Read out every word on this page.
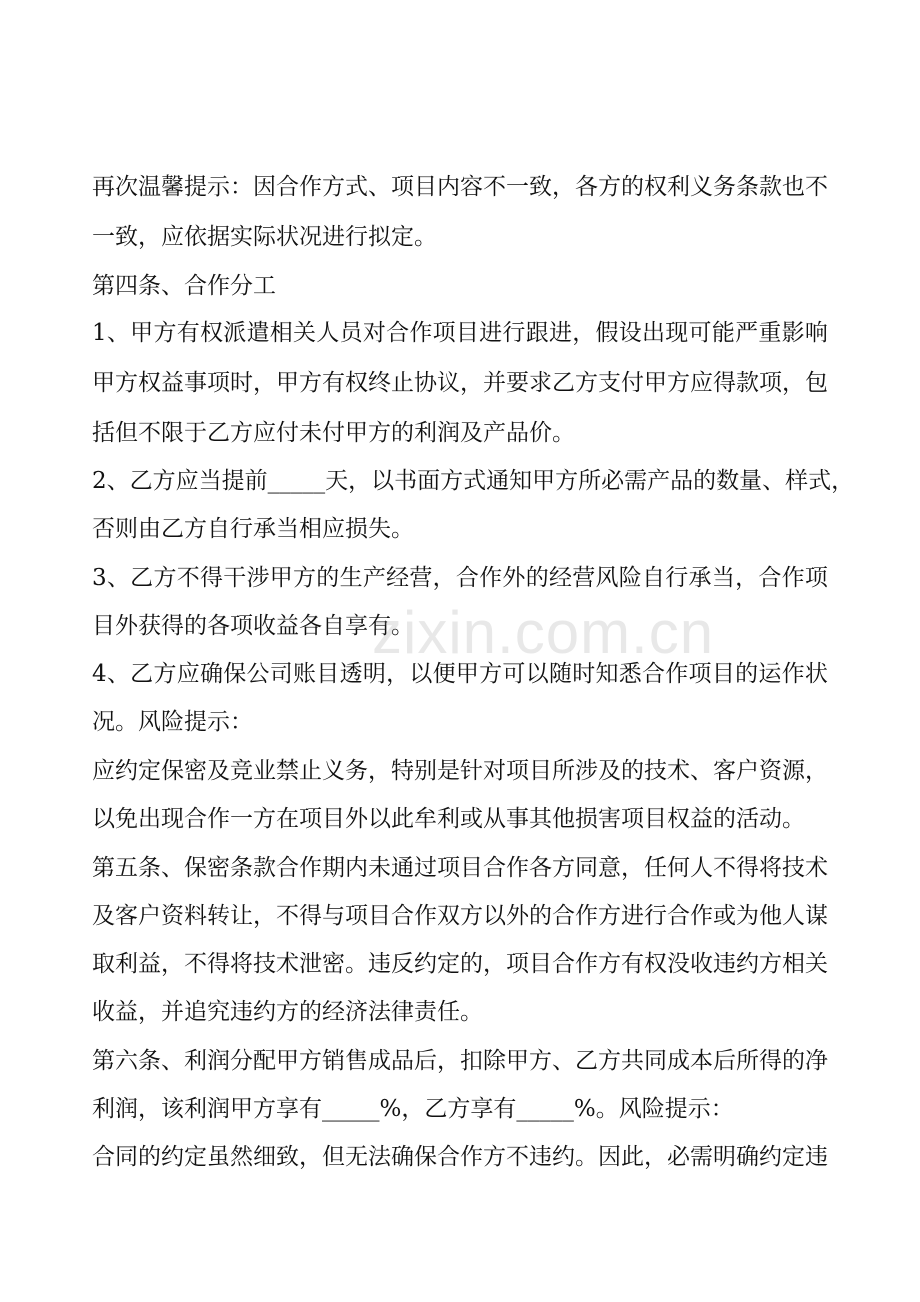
再 次 温 馨 提 示 ： 因 合 作 方 式 、 项 目 内 容 不 一 致 ， 各 方 的 权 利 义 务 条 款 也 不
一致，应依据实际状况进行拟定。
第四条、合作分工
1 、 甲 方 有 权 派 遣 相 关 人 员 对 合 作 项 目 进 行 跟 进 ， 假 设 出 现 可 能 严 重 影 响
甲 方 权 益 事 项 时 ， 甲 方 有 权 终 止 协 议 ， 并 要 求 乙 方 支 付 甲 方 应 得 款 项 ， 包
括但不限于乙方应付未付甲方的利润及产品价。
2 、 乙 方 应 当 提 前 _ _ _ _ _ 天 ， 以 书 面 方 式 通 知 甲 方 所 必 需 产 品 的 数 量 、 样 式 ，
否则由乙方自行承当相应损失。
3 、 乙 方 不 得 干 涉 甲 方 的 生 产 经 营 ， 合 作 外 的 经 营 风 险 自 行 承 当 ， 合 作 项
目外获得的各项收益各自享有。
4 、 乙 方 应 确 保 公 司 账 目 透 明 ， 以 便 甲 方 可 以 随 时 知 悉 合 作 项 目 的 运 作 状
况。风险提示：
应 约 定 保 密 及 竞 业 禁 止 义 务 ， 特 别 是 针 对 项 目 所 涉 及 的 技 术 、 客 户 资 源 ，
以免出现合作一方在项目外以此牟利或从事其他损害项目权益的活动。
第 五 条 、 保 密 条 款 合 作 期 内 未 通 过 项 目 合 作 各 方 同 意 ， 任 何 人 不 得 将 技 术
及 客 户 资 料 转 让 ， 不 得 与 项 目 合 作 双 方 以 外 的 合 作 方 进 行 合 作 或 为 他 人 谋
取 利 益 ， 不 得 将 技 术 泄 密 。 违 反 约 定 的 ， 项 目 合 作 方 有 权 没 收 违 约 方 相 关
收益，并追究违约方的经济法律责任。
第 六 条 、 利 润 分 配 甲 方 销 售 成 品 后 ， 扣 除 甲 方 、 乙 方 共 同 成 本 后 所 得 的 净
利润，该利润甲方享有_____%，乙方享有_____%。风险提示：
合 同 的 约 定 虽 然 细 致 ， 但 无 法 确 保 合 作 方 不 违 约 。 因 此 ， 必 需 明 确 约 定 违
zixin.com.cn
